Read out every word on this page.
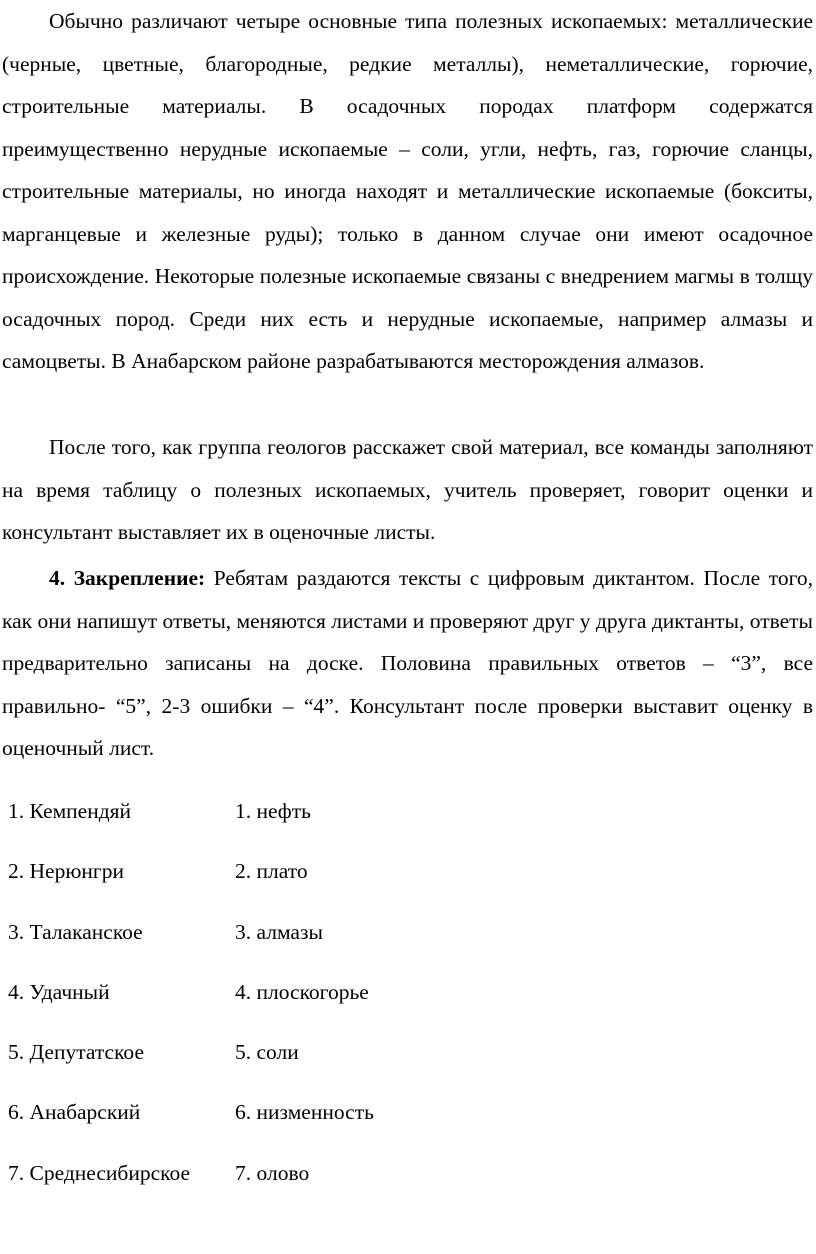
Обычно различают четыре основные типа полезных ископаемых: металлические (черные, цветные, благородные, редкие металлы), неметаллические, горючие, строительные материалы. В осадочных породах платформ содержатся преимущественно нерудные ископаемые – соли, угли, нефть, газ, горючие сланцы, строительные материалы, но иногда находят и металлические ископаемые (бокситы, марганцевые и железные руды); только в данном случае они имеют осадочное происхождение. Некоторые полезные ископаемые связаны с внедрением магмы в толщу осадочных пород. Среди них есть и нерудные ископаемые, например алмазы и самоцветы. В Анабарском районе разрабатываются месторождения алмазов.

После того, как группа геологов расскажет свой материал, все команды заполняют на время таблицу о полезных ископаемых, учитель проверяет, говорит оценки и консультант выставляет их в оценочные листы.

4. Закрепление: Ребятам раздаются тексты с цифровым диктантом. После того, как они напишут ответы, меняются листами и проверяют друг у друга диктанты, ответы предварительно записаны на доске. Половина правильных ответов – “3”, все правильно- “5”, 2-3 ошибки – “4”. Консультант после проверки выставит оценку в оценочный лист.

1. Кемпендяй	1. нефть
2. Нерюнгри	2. плато
3. Талаканское	3. алмазы
4. Удачный	4. плоскогорье
5. Депутатское	5. соли
6. Анабарский	6. низменность
7. Среднесибирское	7. олово
